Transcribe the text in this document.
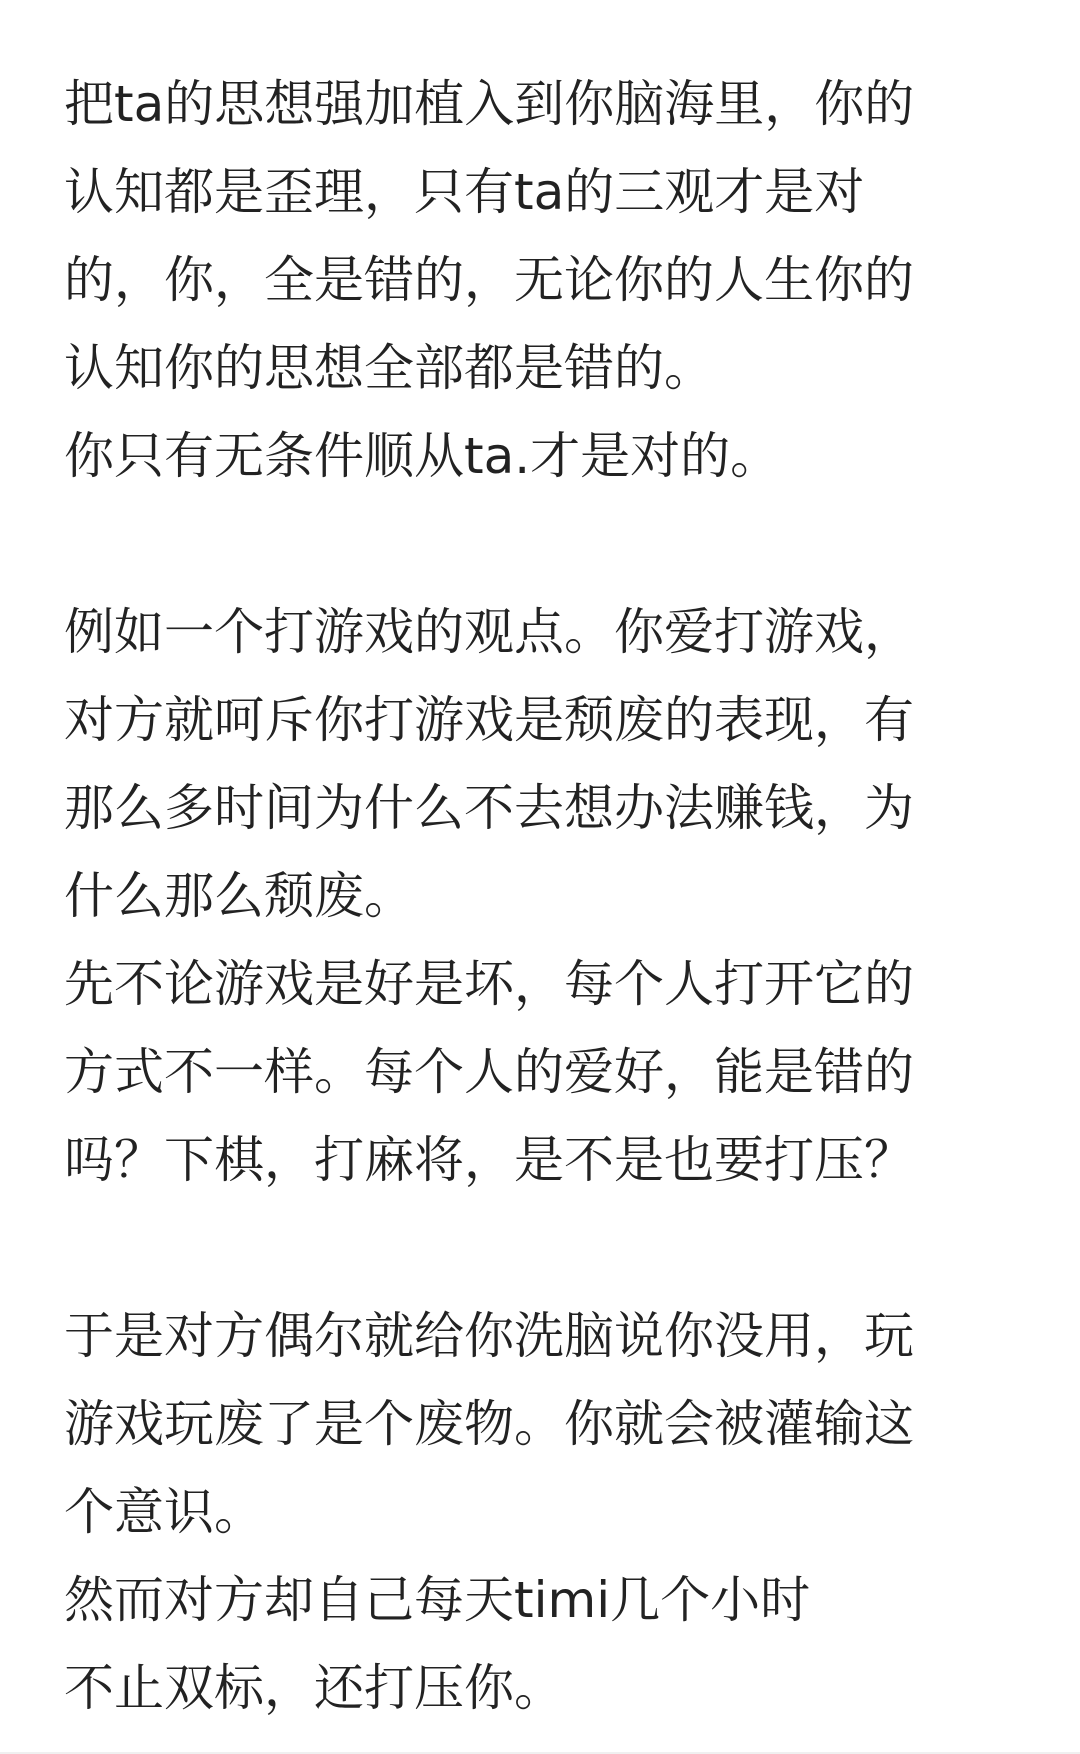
把ta的思想强加植入到你脑海里，你的
认知都是歪理，只有ta的三观才是对
的，你，全是错的，无论你的人生你的
认知你的思想全部都是错的。
你只有无条件顺从ta.才是对的。
例如一个打游戏的观点。你爱打游戏，
对方就呵斥你打游戏是颓废的表现，有
那么多时间为什么不去想办法赚钱，为
什么那么颓废。
先不论游戏是好是坏，每个人打开它的
方式不一样。每个人的爱好，能是错的
吗？下棋，打麻将，是不是也要打压？
于是对方偶尔就给你洗脑说你没用，玩
游戏玩废了是个废物。你就会被灌输这
个意识。
然而对方却自己每天timi几个小时
不止双标，还打压你。
